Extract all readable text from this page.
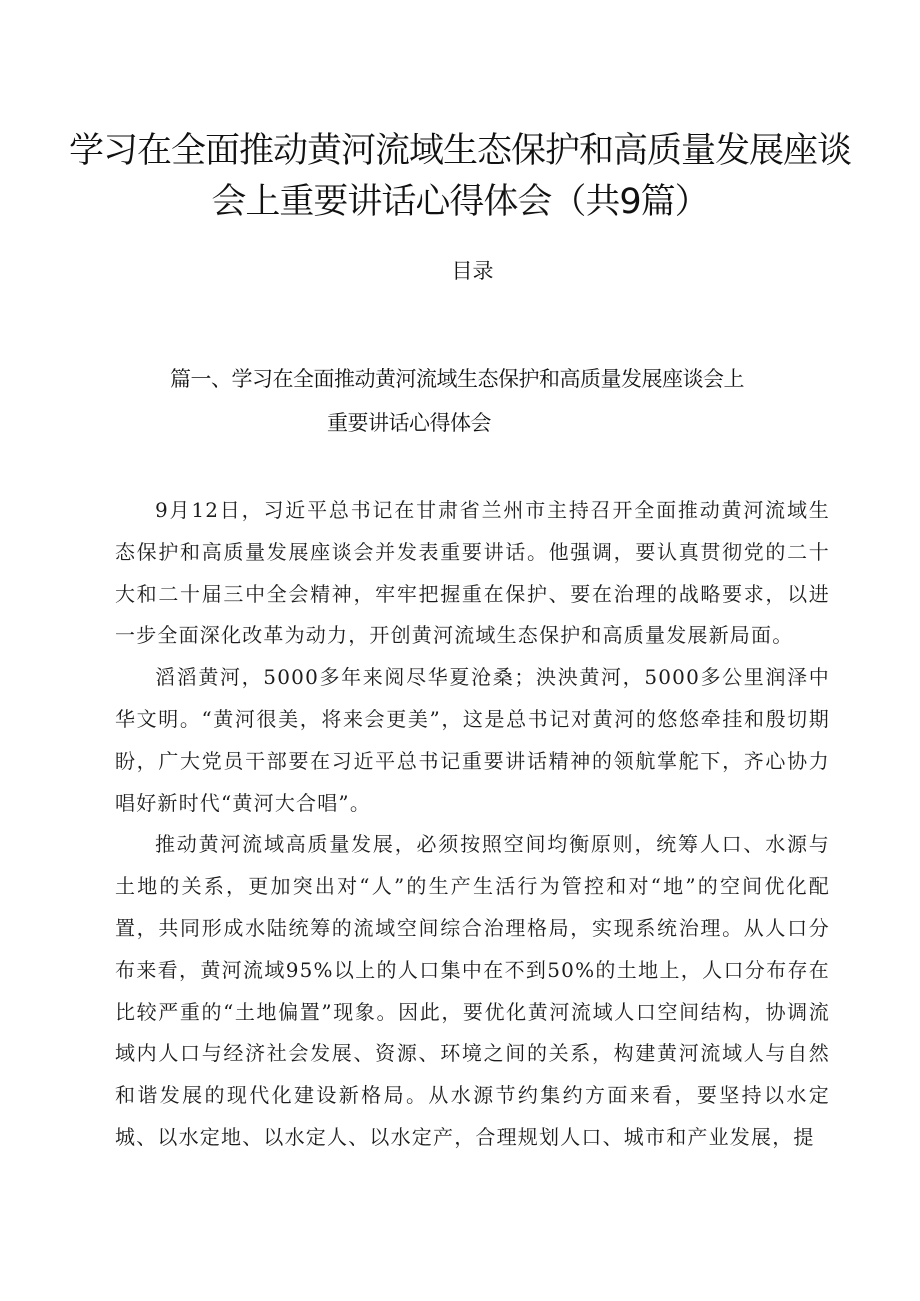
学习在全面推动黄河流域生态保护和高质量发展座谈会上重要讲话心得体会（共9篇）
目录
篇一、学习在全面推动黄河流域生态保护和高质量发展座谈会上
重要讲话心得体会

9月12日，习近平总书记在甘肃省兰州市主持召开全面推动黄河流域生态保护和高质量发展座谈会并发表重要讲话。他强调，要认真贯彻党的二十大和二十届三中全会精神，牢牢把握重在保护、要在治理的战略要求，以进一步全面深化改革为动力，开创黄河流域生态保护和高质量发展新局面。

滔滔黄河，5000多年来阅尽华夏沧桑；泱泱黄河，5000多公里润泽中华文明。“黄河很美，将来会更美”，这是总书记对黄河的悠悠牵挂和殷切期盼，广大党员干部要在习近平总书记重要讲话精神的领航掌舵下，齐心协力唱好新时代“黄河大合唱”。

推动黄河流域高质量发展，必须按照空间均衡原则，统筹人口、水源与土地的关系，更加突出对“人”的生产生活行为管控和对“地”的空间优化配置，共同形成水陆统筹的流域空间综合治理格局，实现系统治理。从人口分布来看，黄河流域95%以上的人口集中在不到50%的土地上，人口分布存在比较严重的“土地偏置”现象。因此，要优化黄河流域人口空间结构，协调流域内人口与经济社会发展、资源、环境之间的关系，构建黄河流域人与自然和谐发展的现代化建设新格局。从水源节约集约方面来看，要坚持以水定城、以水定地、以水定人、以水定产，合理规划人口、城市和产业发展，提
